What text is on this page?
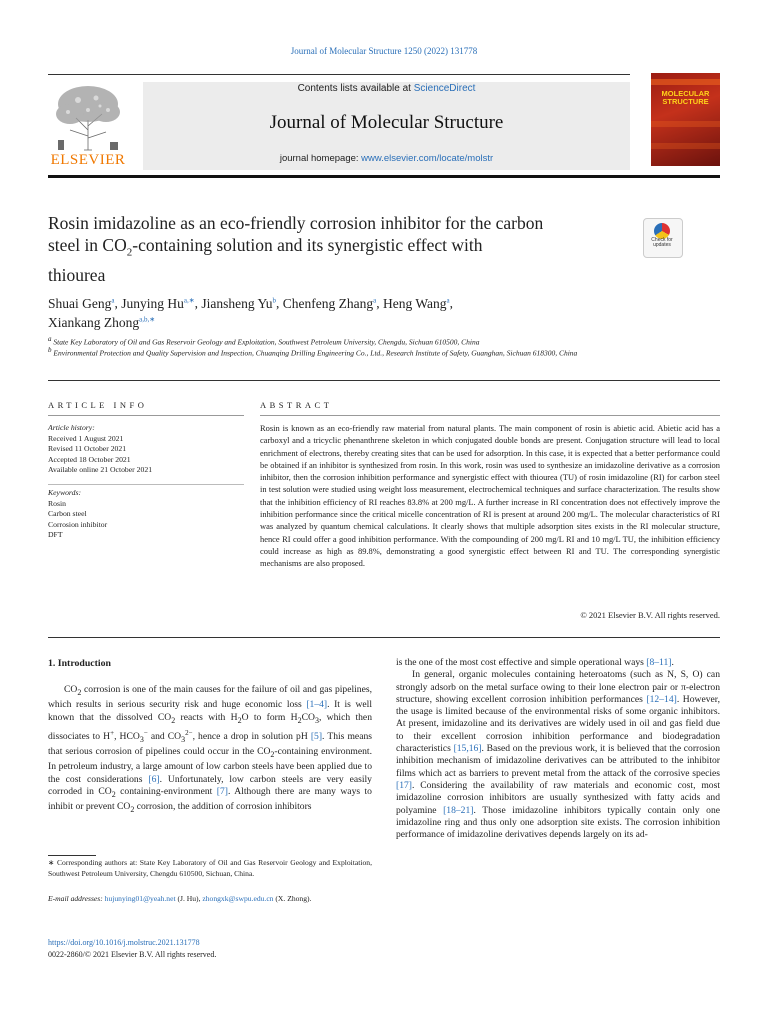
Journal of Molecular Structure 1250 (2022) 131778
ELSEVIER
Contents lists available at ScienceDirect
Journal of Molecular Structure
journal homepage: www.elsevier.com/locate/molstr
MOLECULAR
STRUCTURE
Rosin imidazoline as an eco-friendly corrosion inhibitor for the carbon
steel in $CO_2$-containing solution and its synergistic effect with
thiourea
Check for updates
Shuai Geng$^a$, Junying $Hu^{a,∗}$, Jiansheng Yu$^b$, Chenfeng Zhang$^a$, Heng Wang$^a$,
Xiankang Zhong$^{a,b,∗}$
$^a$ State Key Laboratory of Oil and Gas Reservoir Geology and Exploitation, Southwest Petroleum University, Chengdu, Sichuan 610500, China
$^b$ Environmental Protection and Quality Supervision and Inspection, Chuanqing Drilling Engineering Co., Ltd., Research Institute of Safety, Guanghan, Sichuan 618300, China
ARTICLE INFO
Article history:
Received 1 August 2021
Revised 11 October 2021
Accepted 18 October 2021
Available online 21 October 2021
Keywords:
Rosin
Carbon steel
Corrosion inhibitor
DFT
ABSTRACT
Rosin is known as an eco-friendly raw material from natural plants. The main component of rosin is abietic acid. Abietic acid has a carboxyl and a tricyclic phenanthrene skeleton in which conjugated double bonds are present. Conjugation structure will lead to local enrichment of electrons, thereby creating sites that can be used for adsorption. In this case, it is expected that a better performance could be obtained if an inhibitor is synthesized from rosin. In this work, rosin was used to synthesize an imidazoline derivative as a corrosion inhibitor, then the corrosion inhibition performance and synergistic effect with thiourea (TU) of rosin imidazoline (RI) for carbon steel in test solution were studied using weight loss measurement, electrochemical techniques and surface characterization. The results show that the inhibition efficiency of RI reaches 83.8% at 200 mg/L. A further increase in RI concentration does not effectively improve the inhibition performance since the critical micelle concentration of RI is present at around 200 mg/L. The molecular characteristics of RI was analyzed by quantum chemical calculations. It clearly shows that multiple adsorption sites exists in the RI molecular structure, hence RI could offer a good inhibition performance. With the compounding of 200 mg/L RI and 10 mg/L TU, the inhibition efficiency could increase as high as 89.8%, demonstrating a good synergistic effect between RI and TU. The corresponding synergistic mechanisms are also proposed.
© 2021 Elsevier B.V. All rights reserved.
1. Introduction
$CO_2$ corrosion is one of the main causes for the failure of oil and gas pipelines, which results in serious security risk and huge economic loss [1–4]. It is well known that the dissolved $CO_2$ reacts with $H_2O$ to form $H_2CO_3$, which then dissociates to H+, $HCO_3^-$ and $CO_3^{2-}$, hence a drop in solution pH [5]. This means that serious corrosion of pipelines could occur in the $CO_2$-containing environment. In petroleum industry, a large amount of low carbon steels have been applied due to the cost considerations [6]. Unfortunately, low carbon steels are very easily corroded in $CO_2$ containing-environment [7]. Although there are many ways to inhibit or prevent $CO_2$ corrosion, the addition of corrosion inhibitors

is the one of the most cost effective and simple operational ways [8–11].

In general, organic molecules containing heteroatoms (such as N, S, O) can strongly adsorb on the metal surface owing to their lone electron pair or π-electron structure, showing excellent corrosion inhibition performances [12–14]. However, the usage is limited because of the environmental risks of some organic inhibitors. At present, imidazoline and its derivatives are widely used in oil and gas field due to their excellent corrosion inhibition performance and biodegradation characteristics [15,16]. Based on the previous work, it is believed that the corrosion inhibition mechanism of imidazoline derivatives can be attributed to the inhibitor films which act as barriers to prevent metal from the attack of the corrosive species [17]. Considering the availability of raw materials and economic cost, most imidazoline corrosion inhibitors are usually synthesized with fatty acids and polyamine [18–21]. Those imidazoline inhibitors typically contain only one imidazoline ring and thus only one adsorption site exists. The corrosion inhibition performance of imidazoline derivatives depends largely on its ad-

∗ Corresponding authors at: State Key Laboratory of Oil and Gas Reservoir Geology and Exploitation, Southwest Petroleum University, Chengdu 610500, Sichuan, China.
E-mail addresses: hujunying01@yeah.net (J. Hu), zhongxk@swpu.edu.cn (X. Zhong).
https://doi.org/10.1016/j.molstruc.2021.131778
0022-2860/© 2021 Elsevier B.V. All rights reserved.
